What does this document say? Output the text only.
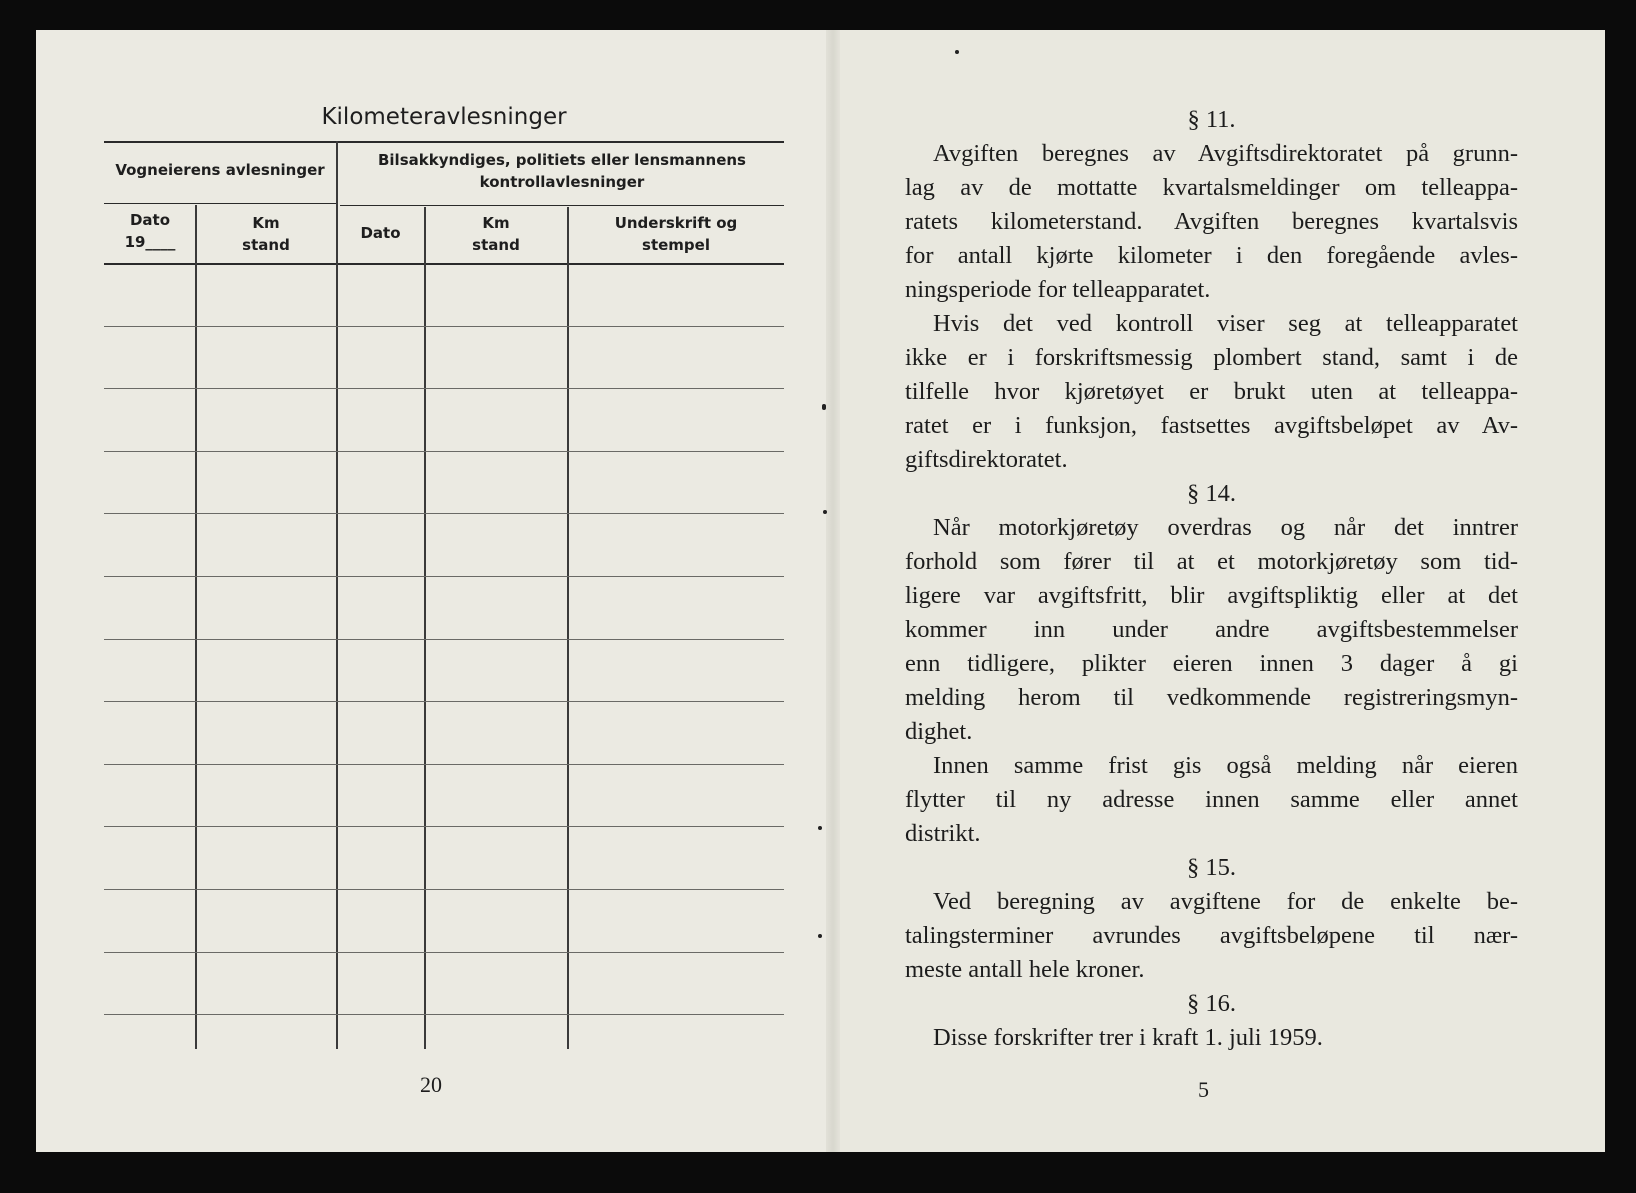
Kilometeravlesninger
Vogneierens avlesninger
Bilsakkyndiges, politiets eller lensmannens
kontrollavlesninger
Dato
19____
Km
stand
Dato
Km
stand
Underskrift og
stempel
20
§ 11.
Avgiften beregnes av Avgiftsdirektoratet på grunn-
lag av de mottatte kvartalsmeldinger om telleappa-
ratets kilometerstand. Avgiften beregnes kvartalsvis
for antall kjørte kilometer i den foregående avles-
ningsperiode for telleapparatet.
Hvis det ved kontroll viser seg at telleapparatet
ikke er i forskriftsmessig plombert stand, samt i de
tilfelle hvor kjøretøyet er brukt uten at telleappa-
ratet er i funksjon, fastsettes avgiftsbeløpet av Av-
giftsdirektoratet.
§ 14.
Når motorkjøretøy overdras og når det inntrer
forhold som fører til at et motorkjøretøy som tid-
ligere var avgiftsfritt, blir avgiftspliktig eller at det
kommer inn under andre avgiftsbestemmelser
enn tidligere, plikter eieren innen 3 dager å gi
melding herom til vedkommende registreringsmyn-
dighet.
Innen samme frist gis også melding når eieren
flytter til ny adresse innen samme eller annet
distrikt.
§ 15.
Ved beregning av avgiftene for de enkelte be-
talingsterminer avrundes avgiftsbeløpene til nær-
meste antall hele kroner.
§ 16.
Disse forskrifter trer i kraft 1. juli 1959.
5
